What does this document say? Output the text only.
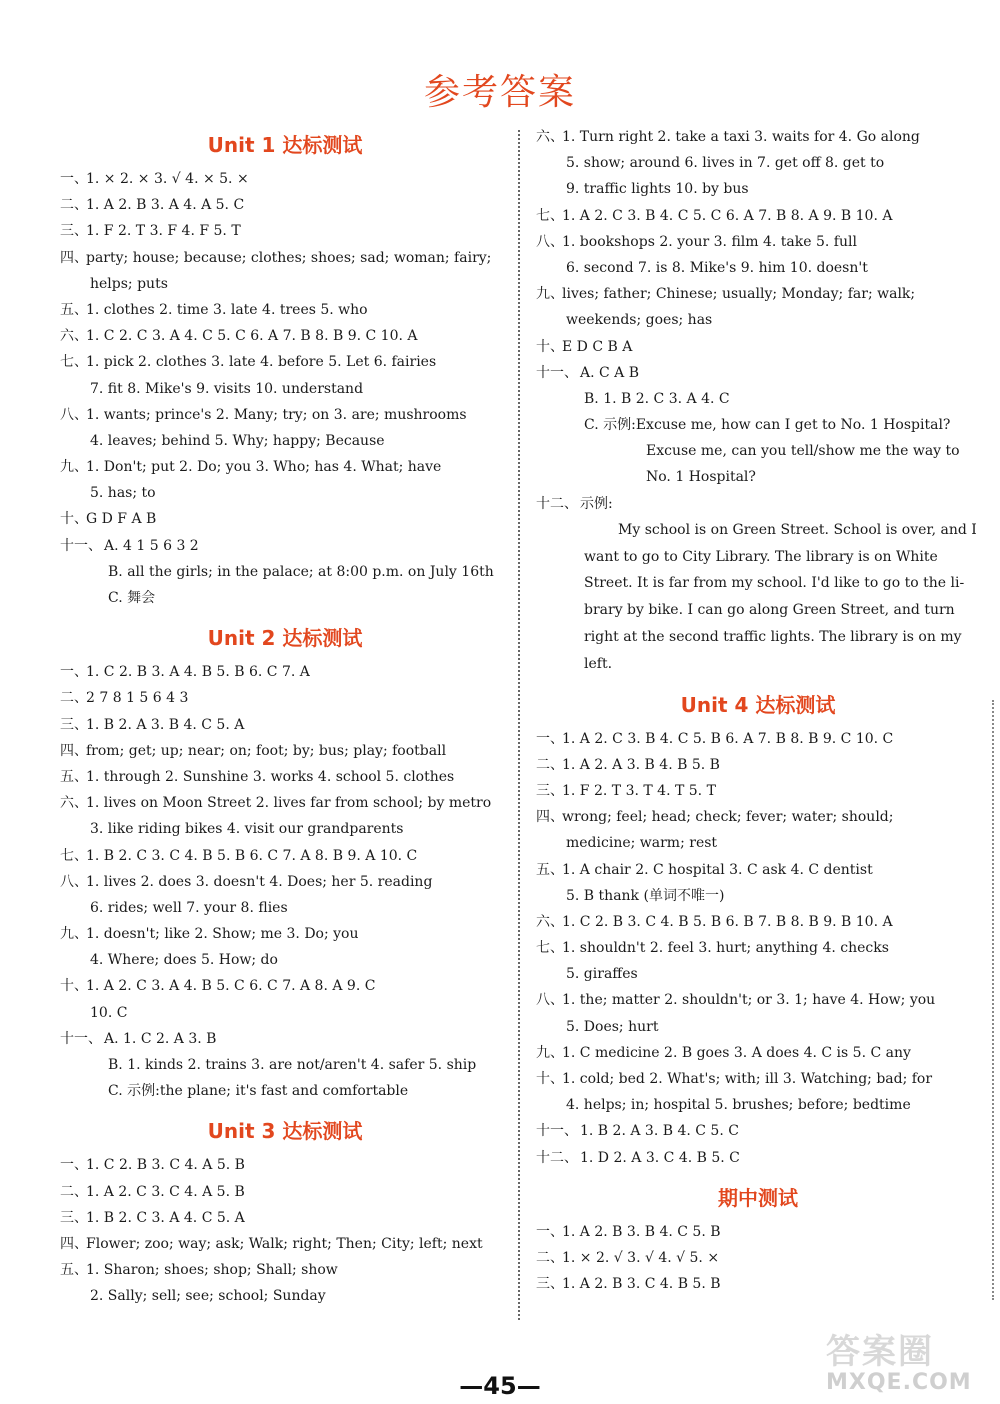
参考答案
Unit 1 达标测试
一、
1. × 2. × 3. √ 4. × 5. ×
二、
1. A 2. B 3. A 4. A 5. C
三、
1. F 2. T 3. F 4. F 5. T
四、
party; house; because; clothes; shoes; sad; woman; fairy;
helps; puts
五、
1. clothes 2. time 3. late 4. trees 5. who
六、
1. C 2. C 3. A 4. C 5. C 6. A 7. B 8. B 9. C 10. A
七、
1. pick 2. clothes 3. late 4. before 5. Let 6. fairies
7. fit 8. Mike's 9. visits 10. understand
八、
1. wants; prince's 2. Many; try; on 3. are; mushrooms
4. leaves; behind 5. Why; happy; Because
九、
1. Don't; put 2. Do; you 3. Who; has 4. What; have
5. has; to
十、
G D F A B
十一、 A. 4 1 5 6 3 2
B. all the girls; in the palace; at 8:00 p.m. on July 16th
C. 舞会
Unit 2 达标测试
一、
1. C 2. B 3. A 4. B 5. B 6. C 7. A
二、
2 7 8 1 5 6 4 3
三、
1. B 2. A 3. B 4. C 5. A
四、
from; get; up; near; on; foot; by; bus; play; football
五、
1. through 2. Sunshine 3. works 4. school 5. clothes
六、
1. lives on Moon Street 2. lives far from school; by metro
3. like riding bikes 4. visit our grandparents
七、
1. B 2. C 3. C 4. B 5. B 6. C 7. A 8. B 9. A 10. C
八、
1. lives 2. does 3. doesn't 4. Does; her 5. reading
6. rides; well 7. your 8. flies
九、
1. doesn't; like 2. Show; me 3. Do; you
4. Where; does 5. How; do
十、
1. A 2. C 3. A 4. B 5. C 6. C 7. A 8. A 9. C
10. C
十一、 A. 1. C 2. A 3. B
B. 1. kinds 2. trains 3. are not/aren't 4. safer 5. ship
C. 示例:the plane; it's fast and comfortable
Unit 3 达标测试
一、
1. C 2. B 3. C 4. A 5. B
二、
1. A 2. C 3. C 4. A 5. B
三、
1. B 2. C 3. A 4. C 5. A
四、
Flower; zoo; way; ask; Walk; right; Then; City; left; next
五、
1. Sharon; shoes; shop; Shall; show
2. Sally; sell; see; school; Sunday
六、
1. Turn right 2. take a taxi 3. waits for 4. Go along
5. show; around 6. lives in 7. get off 8. get to
9. traffic lights 10. by bus
七、
1. A 2. C 3. B 4. C 5. C 6. A 7. B 8. A 9. B 10. A
八、
1. bookshops 2. your 3. film 4. take 5. full
6. second 7. is 8. Mike's 9. him 10. doesn't
九、
lives; father; Chinese; usually; Monday; far; walk;
weekends; goes; has
十、
E D C B A
十一、 A. C A B
B. 1. B 2. C 3. A 4. C
C. 示例:Excuse me, how can I get to No. 1 Hospital?
Excuse me, can you tell/show me the way to
No. 1 Hospital?
十二、 示例:
My school is on Green Street. School is over, and I
want to go to City Library. The library is on White
Street. It is far from my school. I'd like to go to the li-
brary by bike. I can go along Green Street, and turn
right at the second traffic lights. The library is on my
left.
Unit 4 达标测试
一、
1. A 2. C 3. B 4. C 5. B 6. A 7. B 8. B 9. C 10. C
二、
1. A 2. A 3. B 4. B 5. B
三、
1. F 2. T 3. T 4. T 5. T
四、
wrong; feel; head; check; fever; water; should;
medicine; warm; rest
五、
1. A chair 2. C hospital 3. C ask 4. C dentist
5. B thank (单词不唯一)
六、
1. C 2. B 3. C 4. B 5. B 6. B 7. B 8. B 9. B 10. A
七、
1. shouldn't 2. feel 3. hurt; anything 4. checks
5. giraffes
八、
1. the; matter 2. shouldn't; or 3. 1; have 4. How; you
5. Does; hurt
九、
1. C medicine 2. B goes 3. A does 4. C is 5. C any
十、
1. cold; bed 2. What's; with; ill 3. Watching; bad; for
4. helps; in; hospital 5. brushes; before; bedtime
十一、 1. B 2. A 3. B 4. C 5. C
十二、 1. D 2. A 3. C 4. B 5. C
期中测试
一、
1. A 2. B 3. B 4. C 5. B
二、
1. × 2. √ 3. √ 4. √ 5. ×
三、
1. A 2. B 3. C 4. B 5. B
—45—
答案圈
MXQE.COM
